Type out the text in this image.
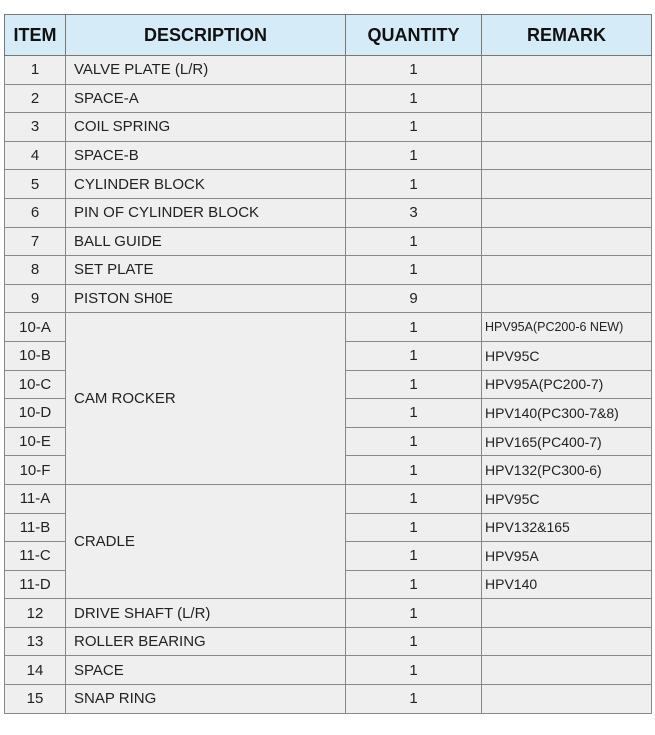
ITEM	DESCRIPTION	QUANTITY	REMARK
1	VALVE PLATE (L/R)	1	
2	SPACE-A	1	
3	COIL SPRING	1	
4	SPACE-B	1	
5	CYLINDER BLOCK	1	
6	PIN OF CYLINDER BLOCK	3	
7	BALL GUIDE	1	
8	SET PLATE	1	
9	PISTON SH0E	9	
10-A	CAM ROCKER	1	HPV95A(PC200-6 NEW)
10-B		1	HPV95C
10-C		1	HPV95A(PC200-7)
10-D		1	HPV140(PC300-7&8)
10-E		1	HPV165(PC400-7)
10-F		1	HPV132(PC300-6)
11-A	CRADLE	1	HPV95C
11-B		1	HPV132&165
11-C		1	HPV95A
11-D		1	HPV140
12	DRIVE SHAFT (L/R)	1	
13	ROLLER BEARING	1	
14	SPACE	1	
15	SNAP RING	1	
